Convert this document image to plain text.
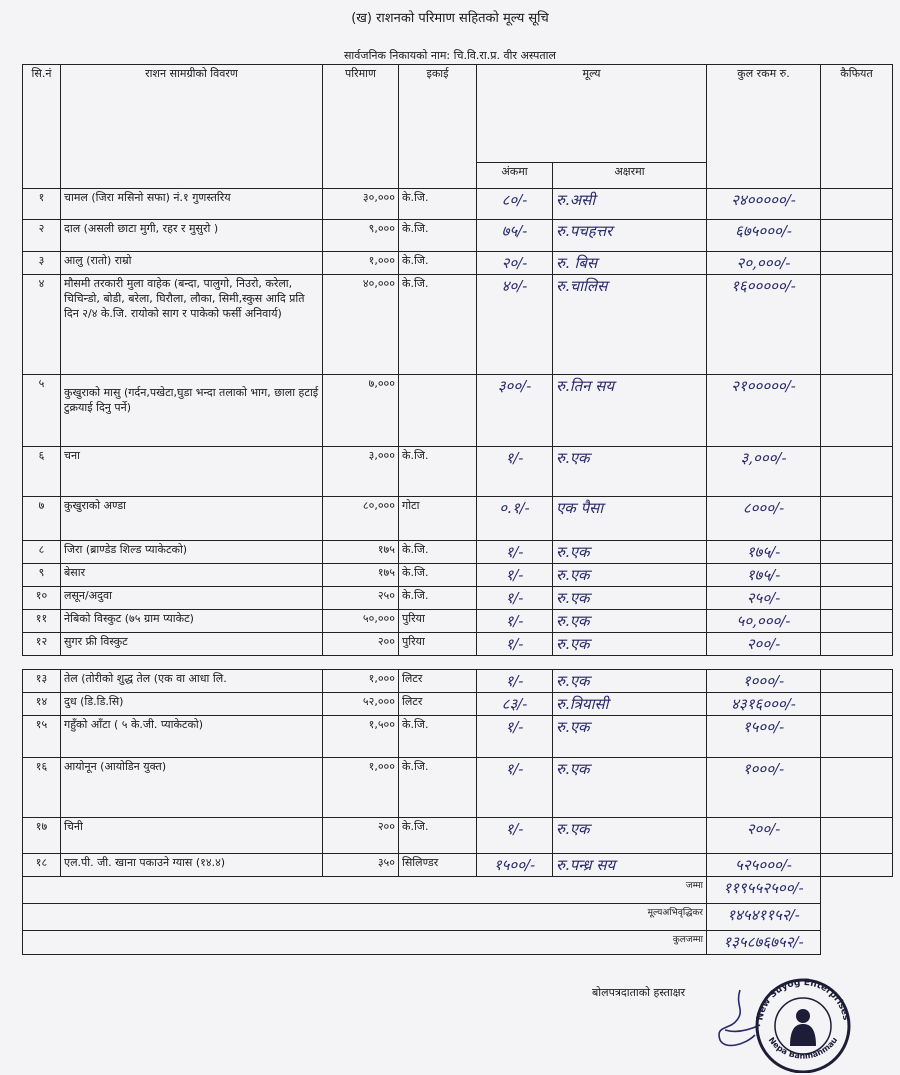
(ख) राशनको परिमाण सहितको मूल्य सूचि
सार्वजनिक निकायको नाम: चि.वि.रा.प्र. वीर अस्पताल
सि.नं	राशन सामग्रीको विवरण	परिमाण	इकाई	मूल्य		कुल रकम रु.	कैफियत
				अंकमा	अक्षरमा		
१	चामल (जिरा मसिनो सफा) नं.१ गुणस्तरिय	३०,०००	के.जि.	८०/-	रु.असी	२४०००००/-	
२	दाल (असली छाटा मुगी, रहर र मुसुरो )	९,०००	के.जि.	७५/-	रु.पचहत्तर	६७५०००/-	
३	आलु (रातो) राम्रो	१,०००	के.जि.	२०/-	रु. बिस	२०,०००/-	
४	मौसमी तरकारी मुला वाहेक (बन्दा, पालुगो, निउरो, करेला, चिचिन्डो, बोडी, बरेला, घिरौला, लौका, सिमी,स्कुस आदि प्रति दिन २/४ के.जि. रायोको साग र पाकेको फर्सी अनिवार्य)	४०,०००	के.जि.	४०/-	रु.चालिस	१६०००००/-	
५	कुखुराको मासु (गर्दन,पखेटा,घुडा भन्दा तलाको भाग, छाला हटाई टुक्रयाई दिनु पर्ने)	७,०००		३००/-	रु.तिन सय	२१०००००/-	
६	चना	३,०००	के.जि.	१/-	रु.एक	३,०००/-	
७	कुखुराको अण्डा	८०,०००	गोटा	०.१/-	एक पैसा	८०००/-	
८	जिरा (ब्राण्डेड शिल्ड प्याकेटको)	१७५	के.जि.	१/-	रु.एक	१७५/-	
९	बेसार	१७५	के.जि.	१/-	रु.एक	१७५/-	
१०	लसून/अदुवा	२५०	के.जि.	१/-	रु.एक	२५०/-	
११	नेबिको विस्कुट (७५ ग्राम प्याकेट)	५०,०००	पुरिया	१/-	रु.एक	५०,०००/-	
१२	सुगर फ्री विस्कुट	२००	पुरिया	१/-	रु.एक	२००/-	

१३	तेल (तोरीको शुद्ध तेल (एक वा आधा लि.	१,०००	लिटर	१/-	रु.एक	१०००/-	
१४	दुध (डि.डि.सि)	५२,०००	लिटर	८३/-	रु.त्रियासी	४३१६०००/-	
१५	गहुँको आँटा ( ५ के.जी. प्याकेटको)	१,५००	के.जि.	१/-	रु.एक	१५००/-	
१६	आयोनून (आयोडिन युक्त)	१,०००	के.जि.	१/-	रु.एक	१०००/-	
१७	चिनी	२००	के.जि.	१/-	रु.एक	२००/-	
१८	एल.पी. जी. खाना पकाउने ग्यास (१४.४)	३५०	सिलिण्डर	१५००/-	रु.पन्ध्र सय	५२५०००/-	
जम्मा						११९५५२५००/-	
मूल्यअभिवृद्धिकर						१४५४११५२/-	
कुलजम्मा						१३५८७६७५२/-	
बोलपत्रदाताको हस्ताक्षर
New Suyog Enterprises
Nepa Banmahmau
